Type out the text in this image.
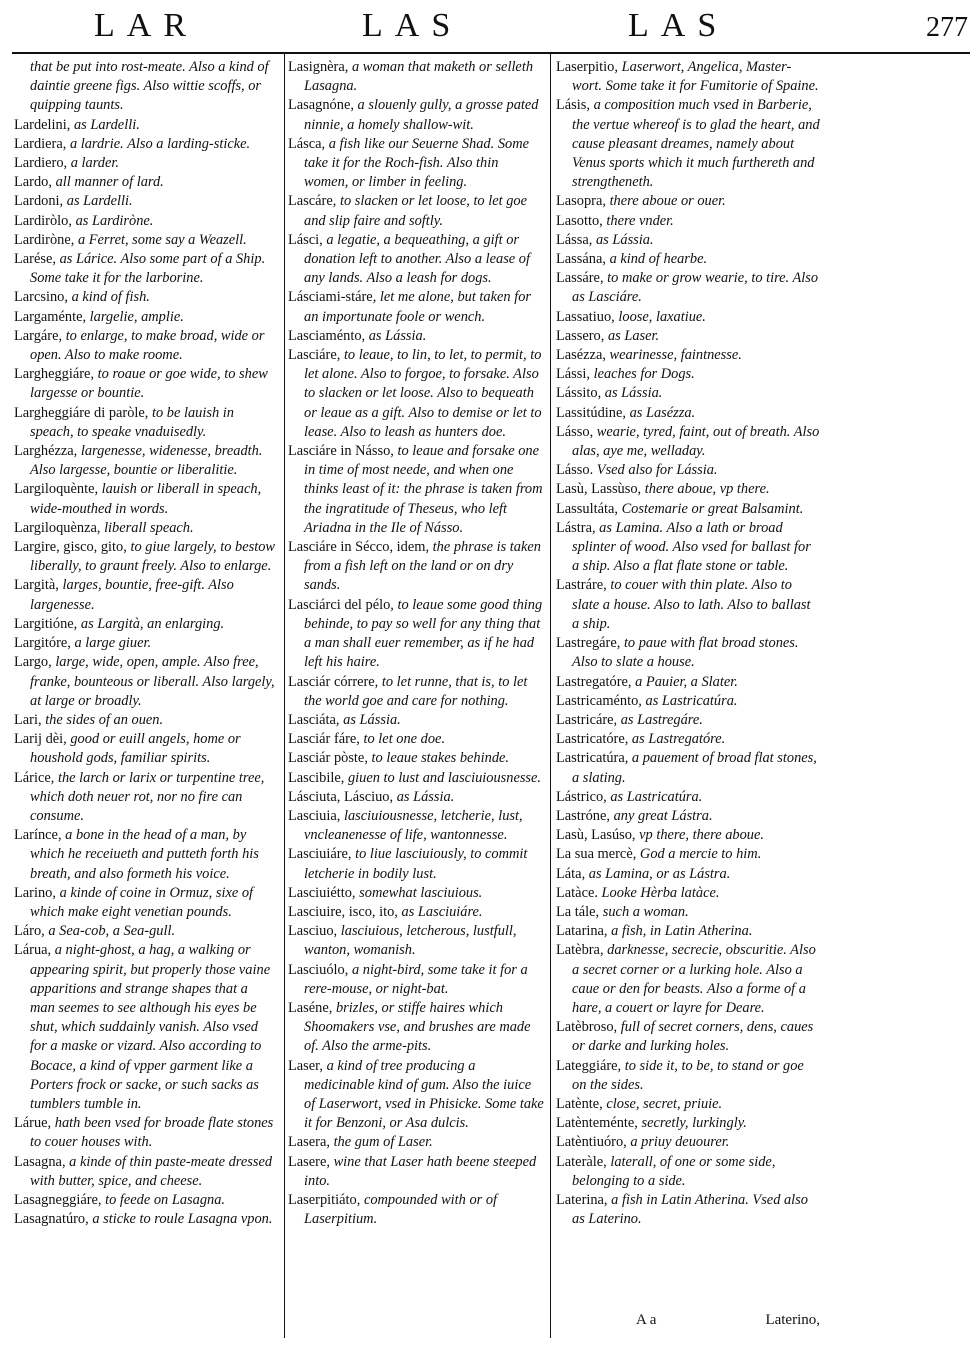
LAR	LAS	LAS	277

that be put into rost-meate. Also a kind of daintie greene figs. Also wittie scoffs, or quipping taunts.

Lardelini, as Lardelli.

Lardiera, a lardrie. Also a larding-sticke.

Lardiero, a larder.

Lardo, all manner of lard.

Lardoni, as Lardelli.

Lardiròlo, as Lardiròne.

Lardiròne, a Ferret, some say a Weazell.

Larése, as Lárice. Also some part of a Ship. Some take it for the larborine.

Larcsino, a kind of fish.

Largaménte, largelie, amplie.

Largáre, to enlarge, to make broad, wide or open. Also to make roome.

Largheggiáre, to roaue or goe wide, to shew largesse or bountie.

Largheggiáre di paròle, to be lauish in speach, to speake vnaduisedly.

Larghézza, largenesse, widenesse, breadth. Also largesse, bountie or liberalitie.

Largiloquènte, lauish or liberall in speach, wide-mouthed in words.

Largiloquènza, liberall speach.

Largire, gisco, gito, to giue largely, to bestow liberally, to graunt freely. Also to enlarge.

Largità, larges, bountie, free-gift. Also largenesse.

Largitióne, as Largità, an enlarging.

Largitóre, a large giuer.

Largo, large, wide, open, ample. Also free, franke, bounteous or liberall. Also largely, at large or broadly.

Lari, the sides of an ouen.

Larij dèi, good or euill angels, home or houshold gods, familiar spirits.

Lárice, the larch or larix or turpentine tree, which doth neuer rot, nor no fire can consume.

Larínce, a bone in the head of a man, by which he receiueth and putteth forth his breath, and also formeth his voice.

Larino, a kinde of coine in Ormuz, sixe of which make eight venetian pounds.

Láro, a Sea-cob, a Sea-gull.

Lárua, a night-ghost, a hag, a walking or appearing spirit, but properly those vaine apparitions and strange shapes that a man seemes to see although his eyes be shut, which suddainly vanish. Also vsed for a maske or vizard. Also according to Bocace, a kind of vpper garment like a Porters frock or sacke, or such sacks as tumblers tumble in.

Lárue, hath been vsed for broade flate stones to couer houses with.

Lasagna, a kinde of thin paste-meate dressed with butter, spice, and cheese.

Lasagneggiáre, to feede on Lasagna.

Lasagnatúro, a sticke to roule Lasagna vpon.

Lasignèra, a woman that maketh or selleth Lasagna.

Lasagnóne, a slouenly gully, a grosse pated ninnie, a homely shallow-wit.

Lásca, a fish like our Seuerne Shad. Some take it for the Roch-fish. Also thin women, or limber in feeling.

Lascáre, to slacken or let loose, to let goe and slip faire and softly.

Lásci, a legatie, a bequeathing, a gift or donation left to another. Also a lease of any lands. Also a leash for dogs.

Lásciami-stáre, let me alone, but taken for an importunate foole or wench.

Lasciaménto, as Lássia.

Lasciáre, to leaue, to lin, to let, to permit, to let alone. Also to forgoe, to forsake. Also to slacken or let loose. Also to bequeath or leaue as a gift. Also to demise or let to lease. Also to leash as hunters doe.

Lasciáre in Násso, to leaue and forsake one in time of most neede, and when one thinks least of it: the phrase is taken from the ingratitude of Theseus, who left Ariadna in the Ile of Násso.

Lasciáre in Sécco, idem, the phrase is taken from a fish left on the land or on dry sands.

Lasciárci del pélo, to leaue some good thing behinde, to pay so well for any thing that a man shall euer remember, as if he had left his haire.

Lasciár córrere, to let runne, that is, to let the world goe and care for nothing.

Lasciáta, as Lássia.

Lasciár fáre, to let one doe.

Lasciár pòste, to leaue stakes behinde.

Lascibile, giuen to lust and lasciuiousnesse.

Lásciuta, Lásciuo, as Lássia.

Lasciuia, lasciuiousnesse, letcherie, lust, vncleanenesse of life, wantonnesse.

Lasciuiáre, to liue lasciuiously, to commit letcherie in bodily lust.

Lasciuiétto, somewhat lasciuious.

Lasciuire, isco, ito, as Lasciuiáre.

Lasciuo, lasciuious, letcherous, lustfull, wanton, womanish.

Lasciuólo, a night-bird, some take it for a rere-mouse, or night-bat.

Laséne, brizles, or stiffe haires which Shoomakers vse, and brushes are made of. Also the arme-pits.

Laser, a kind of tree producing a medicinable kind of gum. Also the iuice of Laserwort, vsed in Phisicke. Some take it for Benzoni, or Asa dulcis.

Lasera, the gum of Laser.

Lasere, wine that Laser hath beene steeped into.

Laserpitiáto, compounded with or of Laserpitium.

Laserpitio, Laserwort, Angelica, Master-wort. Some take it for Fumitorie of Spaine.

Lásis, a composition much vsed in Barberie, the vertue whereof is to glad the heart, and cause pleasant dreames, namely about Venus sports which it much furthereth and strengtheneth.

Lasopra, there aboue or ouer.

Lasotto, there vnder.

Lássa, as Lássia.

Lassána, a kind of hearbe.

Lassáre, to make or grow wearie, to tire. Also as Lasciáre.

Lassatiuo, loose, laxatiue.

Lassero, as Laser.

Lasézza, wearinesse, faintnesse.

Lássi, leaches for Dogs.

Lássito, as Lássia.

Lassitúdine, as Lasézza.

Lásso, wearie, tyred, faint, out of breath. Also alas, aye me, welladay.

Lásso. Vsed also for Lássia.

Lasù, Lassùso, there aboue, vp there.

Lassultáta, Costemarie or great Balsamint.

Lástra, as Lamina. Also a lath or broad splinter of wood. Also vsed for ballast for a ship. Also a flat flate stone or table.

Lastráre, to couer with thin plate. Also to slate a house. Also to lath. Also to ballast a ship.

Lastregáre, to paue with flat broad stones. Also to slate a house.

Lastregatóre, a Pauier, a Slater.

Lastricaménto, as Lastricatúra.

Lastricáre, as Lastregáre.

Lastricatóre, as Lastregatóre.

Lastricatúra, a pauement of broad flat stones, a slating.

Lástrico, as Lastricatúra.

Lastróne, any great Lástra.

Lasù, Lasúso, vp there, there aboue.

La sua mercè, God a mercie to him.

Láta, as Lamina, or as Lástra.

Latàce. Looke Hèrba latàce.

La tále, such a woman.

Latarina, a fish, in Latin Atherina.

Latèbra, darknesse, secrecie, obscuritie. Also a secret corner or a lurking hole. Also a caue or den for beasts. Also a forme of a hare, a couert or layre for Deare.

Latèbroso, full of secret corners, dens, caues or darke and lurking holes.

Lateggiáre, to side it, to be, to stand or goe on the sides.

Latènte, close, secret, priuie.

Latènteménte, secretly, lurkingly.

Latèntiuóro, a priuy deuourer.

Lateràle, laterall, of one or some side, belonging to a side.

Laterina, a fish in Latin Atherina. Vsed also as Laterino.

A a	Laterino,
